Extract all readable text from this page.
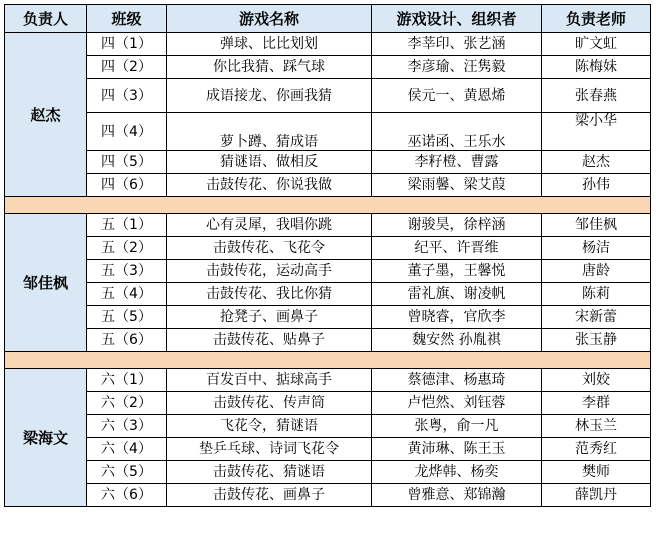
负责人	班级	游戏名称	游戏设计、组织者	负责老师
赵杰	四（1）	弹球、比比划划	李莘印、张艺涵	旷文虹
	四（2）	你比我猜、踩气球	李彦瑜、汪隽毅	陈梅妹
	四（3）	成语接龙、你画我猜	侯元一、黄恩烯	张春燕
	四（4）	萝卜蹲、猜成语	巫诺函、王乐水	梁小华
	四（5）	猜谜语、做相反	李籽橙、曹露	赵杰
	四（6）	击鼓传花、你说我做	梁雨馨、梁艾葭	孙伟

邹佳枫	五（1）	心有灵犀，我唱你跳	谢骏昊，徐梓涵	邹佳枫
	五（2）	击鼓传花、飞花令	纪平、许晋维	杨洁
	五（3）	击鼓传花，运动高手	董子墨，王馨悦	唐龄
	五（4）	击鼓传花、我比你猜	雷礼旗、谢凌帆	陈莉
	五（5）	抢凳子、画鼻子	曾晓睿，官欣李	宋新蕾
	五（6）	击鼓传花、贴鼻子	魏安然 孙胤祺	张玉静

梁海文	六（1）	百发百中、掂球高手	蔡德津、杨惠琦	刘姣
	六（2）	击鼓传花、传声筒	卢恺然、刘钰蓉	李群
	六（3）	飞花令，猜谜语	张粤，俞一凡	林玉兰
	六（4）	垫乒乓球、诗词飞花令	黄沛琳、陈王玉	范秀红
	六（5）	击鼓传花、猜谜语	龙烨韩、杨奕	樊师
	六（6）	击鼓传花、画鼻子	曾雅意、郑锦瀚	薛凯丹
